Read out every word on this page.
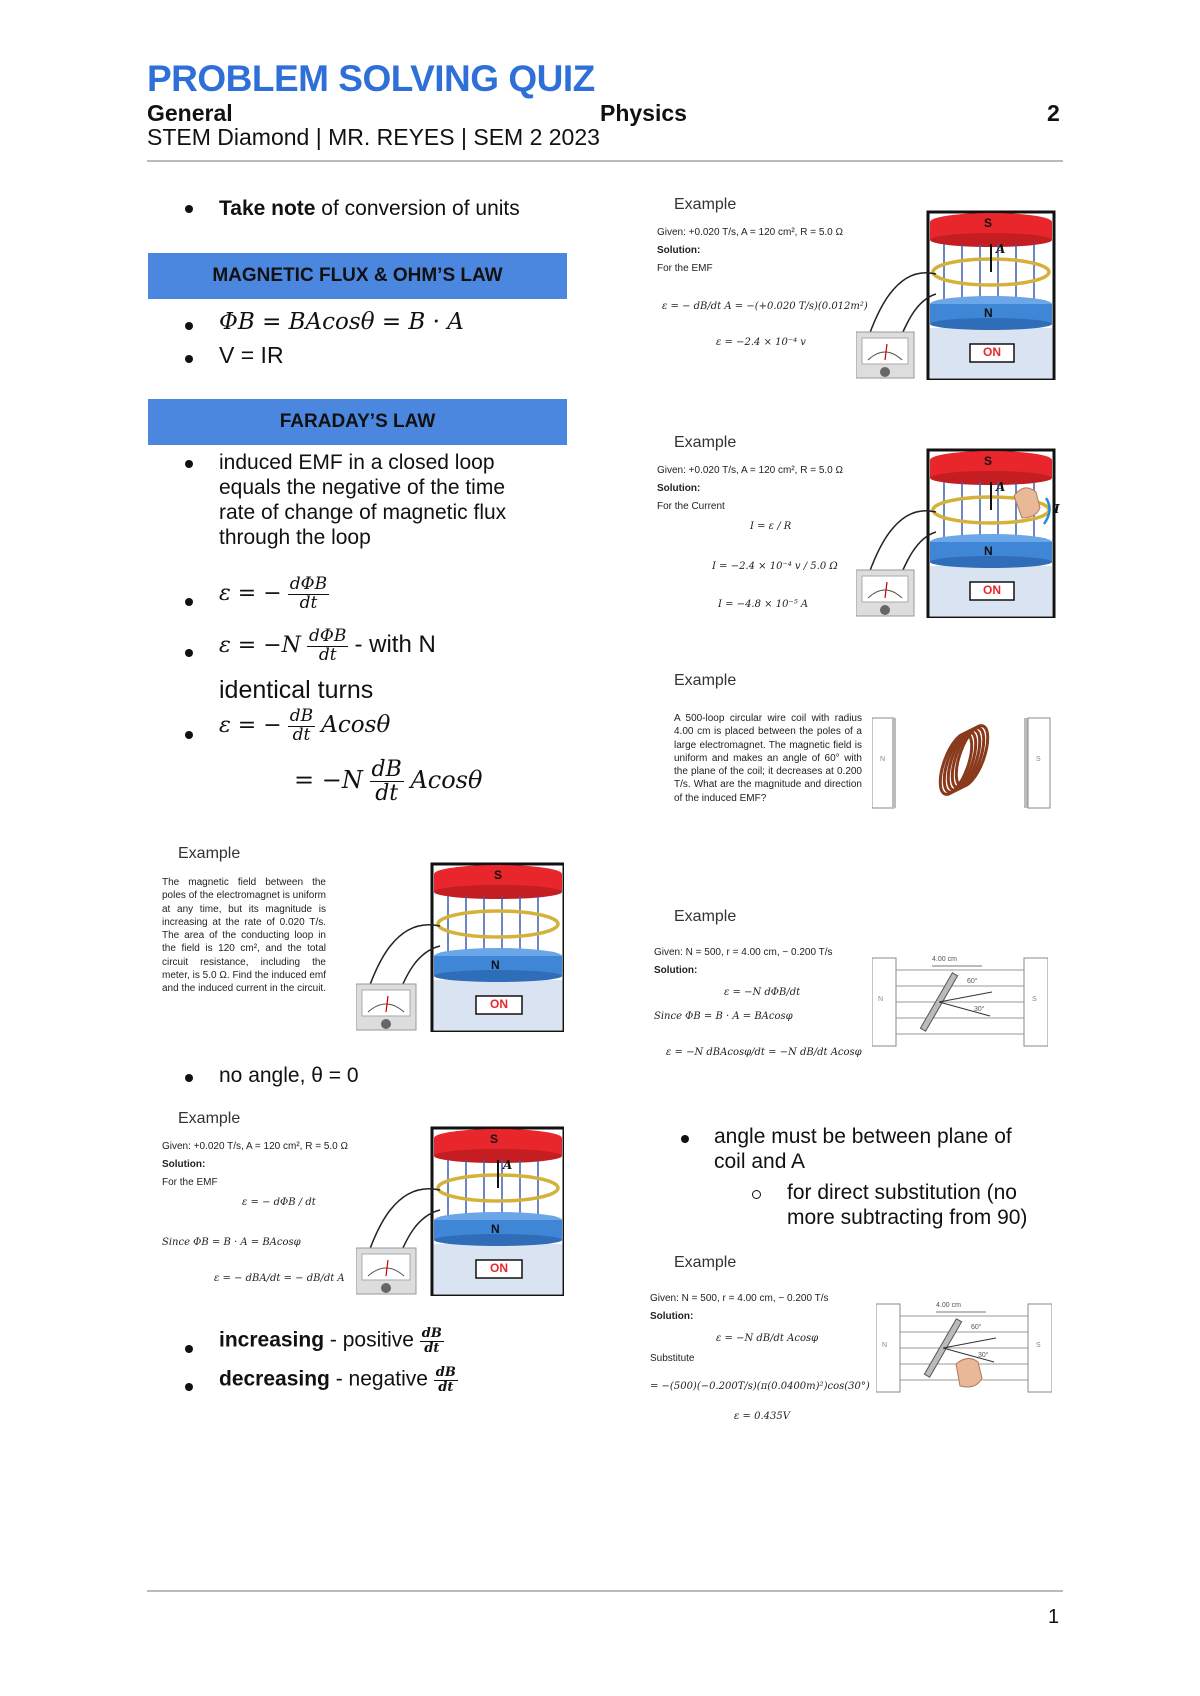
PROBLEM SOLVING QUIZ
General	Physics	2
STEM Diamond | MR. REYES | SEM 2 2023
Take note of conversion of units
MAGNETIC FLUX & OHM’S LAW
ΦB = BAcosθ = B · A
V = IR
FARADAY’S LAW
induced EMF in a closed loop equals the negative of the time rate of change of magnetic flux through the loop
ε = − $\frac{\text{dΦB}}{dt}$
$\varepsilon = -N \frac{\text{dΦB}}{dt}$ - with N
identical turns
ε = − $\frac{dB}{dt}$ Acosθ
= $-N \frac{dB}{dt}$ Acosθ
Example
The magnetic field between the poles of the electromagnet is uniform at any time, but its magnitude is increasing at the rate of 0.020 T/s. The area of the conducting loop in the field is 120 cm², and the total circuit resistance, including the meter, is 5.0 Ω. Find the induced emf and the induced current in the circuit.
S
N
ON
no angle, θ = 0
Example
Given: +0.020 T/s, A = 120 cm², R = 5.0 Ω
Solution:
For the EMF
ε = − dΦB / dt
Since ΦB = B · A = BAcosφ
ε = − dBA/dt = − dB/dt A
S
A
N
ON
increasing - positive $\frac{dB}{dt}$
decreasing - negative $\frac{dB}{dt}$
Example
Given: +0.020 T/s, A = 120 cm², R = 5.0 Ω
Solution:
For the EMF
ε = − dB/dt A = −(+0.020 T/s)(0.012m²)
ε = −2.4 × 10⁻⁴ v
S
A
N
ON
Example
Given: +0.020 T/s, A = 120 cm², R = 5.0 Ω
Solution:
For the Current
I = ε / R
I = −2.4 × 10⁻⁴ v / 5.0 Ω
I = −4.8 × 10⁻⁵ A
S
A
I
N
ON
Example
A 500-loop circular wire coil with radius 4.00 cm is placed between the poles of a large electromagnet. The magnetic field is uniform and makes an angle of 60° with the plane of the coil; it decreases at 0.200 T/s. What are the magnitude and direction of the induced EMF?
N	S
Example
Given: N = 500, r = 4.00 cm, − 0.200 T/s
Solution:
ε = −N dΦB/dt
Since ΦB = B · A = BAcosφ
ε = −N dBAcosφ/dt = −N dB/dt Acosφ
N	S
4.00 cm
60°
30°
angle must be between plane of coil and A
for direct substitution (no more subtracting from 90)
Example
Given: N = 500, r = 4.00 cm, − 0.200 T/s
Solution:
ε = −N dB/dt Acosφ
Substitute
= −(500)(−0.200T/s)(π(0.0400m)²)cos(30°)
ε = 0.435V
N	S
4.00 cm
60°
30°
1
